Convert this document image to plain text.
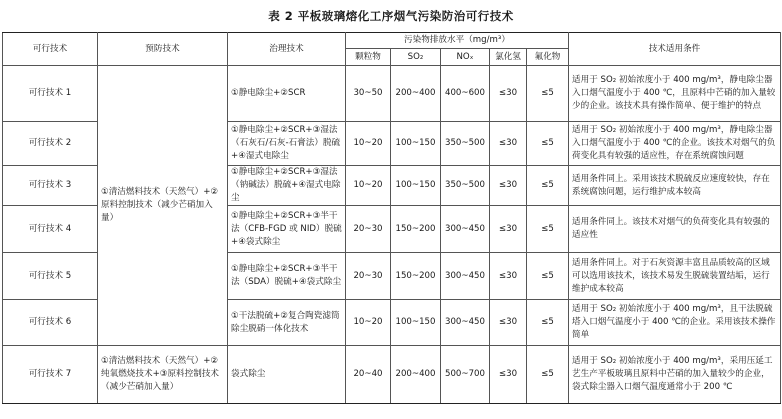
表 2 平板玻璃熔化工序烟气污染防治可行技术
可行技术	预防技术	治理技术	污染物排放水平（mg/m³）					技术适用条件
			颗粒物	SO₂	NOₓ	氯化氢	氟化物	
可行技术 1	①清洁燃料技术（天然气）+②原料控制技术（减少芒硝加入量）	①静电除尘+②SCR	30~50	200~400	400~600	≤30	≤5	适用于 SO₂ 初始浓度小于 400 mg/m³，静电除尘器入口烟气温度小于 400 ℃，且原料中芒硝的加入量较少的企业。该技术具有操作简单、便于维护的特点
可行技术 2		①静电除尘+②SCR+③湿法（石灰石/石灰-石膏法）脱硫+④湿式电除尘	10~20	100~150	350~500	≤30	≤5	适用于 SO₂ 初始浓度小于 400 mg/m³，静电除尘器入口烟气温度小于 400 ℃的企业。该技术对烟气的负荷变化具有较强的适应性，存在系统腐蚀问题
可行技术 3		①静电除尘+②SCR+③湿法（钠碱法）脱硫+④湿式电除尘	10~20	100~150	350~500	≤30	≤5	适用条件同上。采用该技术脱硫反应速度较快，存在系统腐蚀问题，运行维护成本较高
可行技术 4		①静电除尘+②SCR+③半干法（CFB-FGD 或 NID）脱硫+④袋式除尘	20~30	150~200	300~450	≤30	≤5	适用条件同上。该技术对烟气的负荷变化具有较强的适应性
可行技术 5		①静电除尘+②SCR+③半干法（SDA）脱硫+④袋式除尘	20~30	150~200	300~450	≤30	≤5	适用条件同上。对于石灰资源丰富且品质较高的区域可以选用该技术，该技术易发生脱硫装置结垢，运行维护成本较高
可行技术 6		①干法脱硫+②复合陶瓷滤筒除尘脱硝一体化技术	10~20	100~150	300~450	≤30	≤5	适用于 SO₂ 初始浓度小于 400 mg/m³，且干法脱硫塔入口烟气温度小于 400 ℃的企业。采用该技术操作简单
可行技术 7	①清洁燃料技术（天然气）+②纯氧燃烧技术+③原料控制技术（减少芒硝加入量）	袋式除尘	20~40	200~400	500~700	≤30	≤5	适用于 SO₂ 初始浓度小于 400 mg/m³，采用压延工艺生产平板玻璃且原料中芒硝的加入量较少的企业，袋式除尘器入口烟气温度通常小于 200 ℃
